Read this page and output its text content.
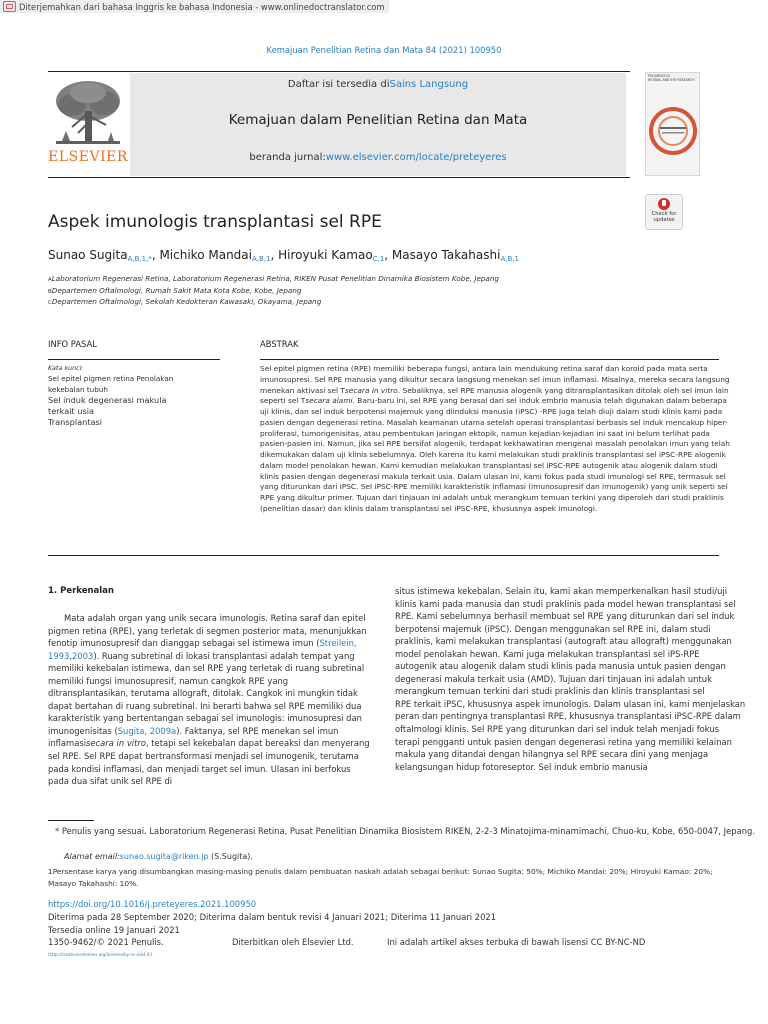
Diterjemahkan dari bahasa Inggris ke bahasa Indonesia - www.onlinedoctranslator.com
Kemajuan Penelitian Retina dan Mata 84 (2021) 100950
ELSEVIER
Daftar isi tersedia diSains Langsung
Kemajuan dalam Penelitian Retina dan Mata
beranda jurnal:www.elsevier.com/locate/preteyeres
PROGRESS IN
RETINAL AND EYE RESEARCH
Aspek imunologis transplantasi sel RPE	Check for
updates
Sunao SugitaA,B,1,*, Michiko MandaiA,B,1, Hiroyuki KamaoC,1, Masayo TakahashiA,B,1
ALaboratorium Regenerasi Retina, Laboratorium Regenerasi Retina, RIKEN Pusat Penelitian Dinamika Biosistem Kobe, Jepang
BDepartemen Oftalmologi, Rumah Sakit Mata Kota Kobe, Kobe, Jepang
CDepartemen Oftalmologi, Sekolah Kedokteran Kawasaki, Okayama, Jepang
INFO PASAL
Kata kunci:
Sel epitel pigmen retina Penolakan
kekebalan tubuh
Sel induk degenerasi makula
terkait usia
Transplantasi
ABSTRAK
Sel epitel pigmen retina (RPE) memiliki beberapa fungsi, antara lain mendukung retina saraf dan koroid pada mata serta
imunosupresi. Sel RPE manusia yang dikultur secara langsung menekan sel imun inflamasi. Misalnya, mereka secara langsung
menekan aktivasi sel Tsecara in vitro. Sebaliknya, sel RPE manusia alogenik yang ditransplantasikan ditolak oleh sel imun lain
seperti sel Tsecara alami. Baru-baru ini, sel RPE yang berasal dari sel induk embrio manusia telah digunakan dalam beberapa
uji klinis, dan sel induk berpotensi majemuk yang diinduksi manusia (iPSC) -RPE juga telah diuji dalam studi klinis kami pada
pasien dengan degenerasi retina. Masalah keamanan utama setelah operasi transplantasi berbasis sel induk mencakup hiper-
proliferasi, tumorigenisitas, atau pembentukan jaringan ektopik, namun kejadian-kejadian ini saat ini belum terlihat pada
pasien-pasien ini. Namun, jika sel RPE bersifat alogenik, terdapat kekhawatiran mengenai masalah penolakan imun yang telah
dikemukakan dalam uji klinis sebelumnya. Oleh karena itu kami melakukan studi praklinis transplantasi sel iPSC-RPE alogenik
dalam model penolakan hewan. Kami kemudian melakukan transplantasi sel iPSC-RPE autogenik atau alogenik dalam studi
klinis pasien dengan degenerasi makula terkait usia. Dalam ulasan ini, kami fokus pada studi imunologi sel RPE, termasuk sel
yang diturunkan dari iPSC. Sel iPSC-RPE memiliki karakteristik inflamasi (imunosupresif dan imunogenik) yang unik seperti sel
RPE yang dikultur primer. Tujuan dari tinjauan ini adalah untuk merangkum temuan terkini yang diperoleh dari studi praklinis
(penelitian dasar) dan klinis dalam transplantasi sel iPSC-RPE, khususnya aspek imunologi.
1. Perkenalan
Mata adalah organ yang unik secara imunologis. Retina saraf dan epitel
pigmen retina (RPE), yang terletak di segmen posterior mata, menunjukkan
fenotip imunosupresif dan dianggap sebagai sel istimewa imun (Streilein,
1993,2003). Ruang subretinal di lokasi transplantasi adalah tempat yang
memiliki kekebalan istimewa, dan sel RPE yang terletak di ruang subretinal
memiliki fungsi imunosupresif, namun cangkok RPE yang
ditransplantasikan, terutama allograft, ditolak. Cangkok ini mungkin tidak
dapat bertahan di ruang subretinal. Ini berarti bahwa sel RPE memiliki dua
karakteristik yang bertentangan sebagai sel imunologis: imunosupresi dan
imunogenisitas (Sugita, 2009a). Faktanya, sel RPE menekan sel imun
inflamasisecara in vitro, tetapi sel kekebalan dapat bereaksi dan menyerang
sel RPE. Sel RPE dapat bertransformasi menjadi sel imunogenik, terutama
pada kondisi inflamasi, dan menjadi target sel imun. Ulasan ini berfokus
pada dua sifat unik sel RPE di
situs istimewa kekebalan. Selain itu, kami akan memperkenalkan hasil studi/uji
klinis kami pada manusia dan studi praklinis pada model hewan transplantasi sel
RPE. Kami sebelumnya berhasil membuat sel RPE yang diturunkan dari sel induk
berpotensi majemuk (iPSC). Dengan menggunakan sel RPE ini, dalam studi
praklinis, kami melakukan transplantasi (autograft atau allograft) menggunakan
model penolakan hewan. Kami juga melakukan transplantasi sel iPS-RPE
autogenik atau alogenik dalam studi klinis pada manusia untuk pasien dengan
degenerasi makula terkait usia (AMD). Tujuan dari tinjauan ini adalah untuk
merangkum temuan terkini dari studi praklinis dan klinis transplantasi sel
RPE terkait iPSC, khususnya aspek imunologis. Dalam ulasan ini, kami menjelaskan
peran dan pentingnya transplantasi RPE, khususnya transplantasi iPSC-RPE dalam
oftalmologi klinis. Sel RPE yang diturunkan dari sel induk telah menjadi fokus
terapi pengganti untuk pasien dengan degenerasi retina yang memiliki kelainan
makula yang ditandai dengan hilangnya sel RPE secara dini yang menjaga
kelangsungan hidup fotoreseptor. Sel induk embrio manusia
* Penulis yang sesuai. Laboratorium Regenerasi Retina, Pusat Penelitian Dinamika Biosistem RIKEN, 2-2-3 Minatojima-minamimachi, Chuo-ku, Kobe, 650-0047, Jepang.
Alamat email:sunao.sugita@riken.jp (S.Sugita).
1Persentase karya yang disumbangkan masing-masing penulis dalam pembuatan naskah adalah sebagai berikut: Sunao Sugita: 50%; Michiko Mandai: 20%; Hiroyuki Kamao: 20%;
Masayo Takahashi: 10%.
https://doi.org/10.1016/j.preteyeres.2021.100950
Diterima pada 28 September 2020; Diterima dalam bentuk revisi 4 Januari 2021; Diterima 11 Januari 2021
Tersedia online 19 Januari 2021
1350-9462/© 2021 Penulis.	Diterbitkan oleh Elsevier Ltd.	Ini adalah artikel akses terbuka di bawah lisensi CC BY-NC-ND
(http://creativecommons.org/licenses/by-nc-nd/4.0/).
